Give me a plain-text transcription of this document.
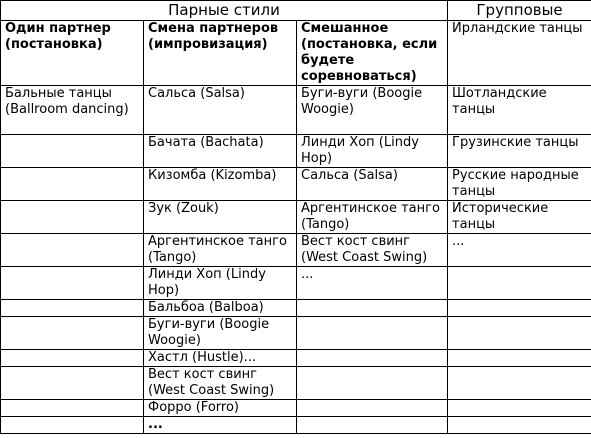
Парные стили			Групповые
Один партнер (постановка)	Смена партнеров (импровизация)	Смешанное (постановка, если будете соревноваться)	Ирландские танцы
Бальные танцы (Ballroom dancing)	Сальса (Salsa)	Буги-вуги (Boogie Woogie)	Шотландские танцы
	Бачата (Bachata)	Линди Хоп (Lindy Hop)	Грузинские танцы
	Кизомба (Kizomba)	Сальса (Salsa)	Русские народные танцы
	Зук (Zouk)	Аргентинское танго (Tango)	Исторические танцы
	Аргентинское танго (Tango)	Вест кост свинг (West Coast Swing)	...
	Линди Хоп (Lindy Hop)	...	
	Бальбоа (Balboa)		
	Буги-вуги (Boogie Woogie)		
	Хастл (Hustle)...		
	Вест кост свинг (West Coast Swing)		
	Форро (Forro)		
	...		
